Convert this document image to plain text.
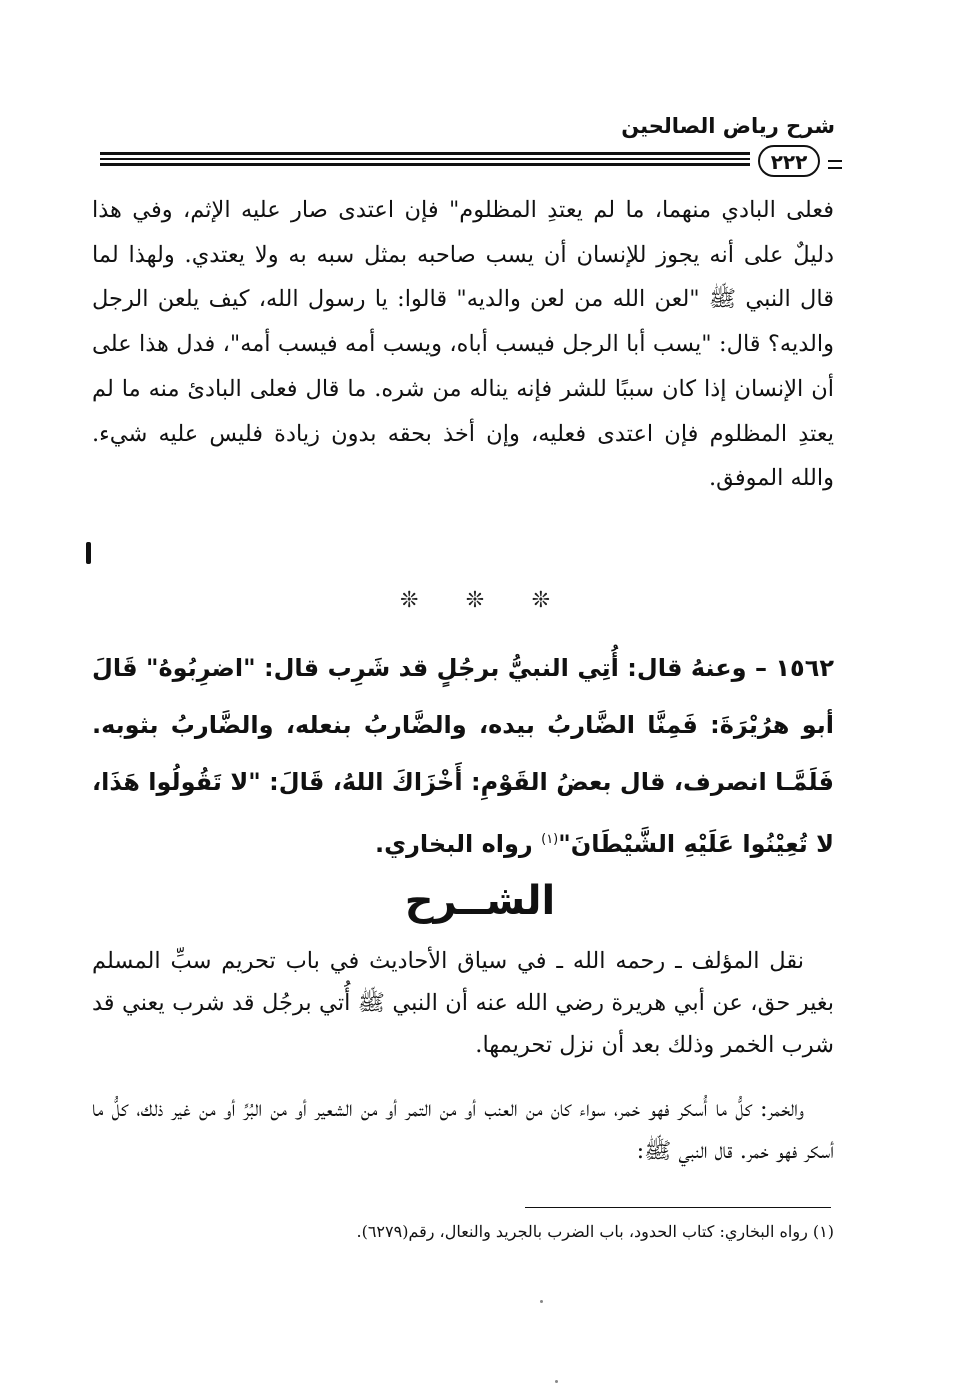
شرح رياض الصالحين
٢٢٢

فعلى البادي منهما، ما لم يعتدِ المظلوم" فإن اعتدى صار عليه الإثم، وفي هذا دليلٌ على أنه يجوز للإنسان أن يسب صاحبه بمثل سبه به ولا يعتدي. ولهذا لما قال النبي ﷺ "لعن الله من لعن والديه" قالوا: يا رسول الله، كيف يلعن الرجل والديه؟ قال: "يسب أبا الرجل فيسب أباه، ويسب أمه فيسب أمه"، فدل هذا على أن الإنسان إذا كان سببًا للشر فإنه يناله من شره. ما قال فعلى البادئ منه ما لم يعتدِ المظلوم فإن اعتدى فعليه، وإن أخذ بحقه بدون زيادة فليس عليه شيء. والله الموفق.

❊ ❊ ❊

١٥٦٢ – وعنهُ قال: أُتِي النبيُّ برجُلٍ قد شَرِب قال: "اضرِبُوهُ" قَالَ أبو هرُيْرَةَ: فَمِنَّا الضَّاربُ بيده، والضَّاربُ بنعله، والضَّاربُ بثوبه. فَلَمَّـا انصرف، قال بعضُ القَوْمِ: أَخْزَاكَ اللهُ، قَالَ: "لا تَقُولُوا هَذَا، لا تُعِيْنُوا عَلَيْهِ الشَّيْطَانَ"$^{(١)}$ رواه البخاري.

الشــرح

نقل المؤلف ـ رحمه الله ـ في سياق الأحاديث في باب تحريم سبِّ المسلم بغير حق، عن أبي هريرة رضي الله عنه أن النبي ﷺ أُتي برجُل قد شرب يعني قد شرب الخمر وذلك بعد أن نزل تحريمها.

والخمر: كلُّ ما أُسكر فهو خمر، سواء كان من العنب أو من التمر أو من الشعير أو من البُرِّ أو من غير ذلك، كلُّ ما أسكر فهو خمر. قال النبي ﷺ:

(١) رواه البخاري: كتاب الحدود، باب الضرب بالجريد والنعال، رقم(٦٢٧٩).
